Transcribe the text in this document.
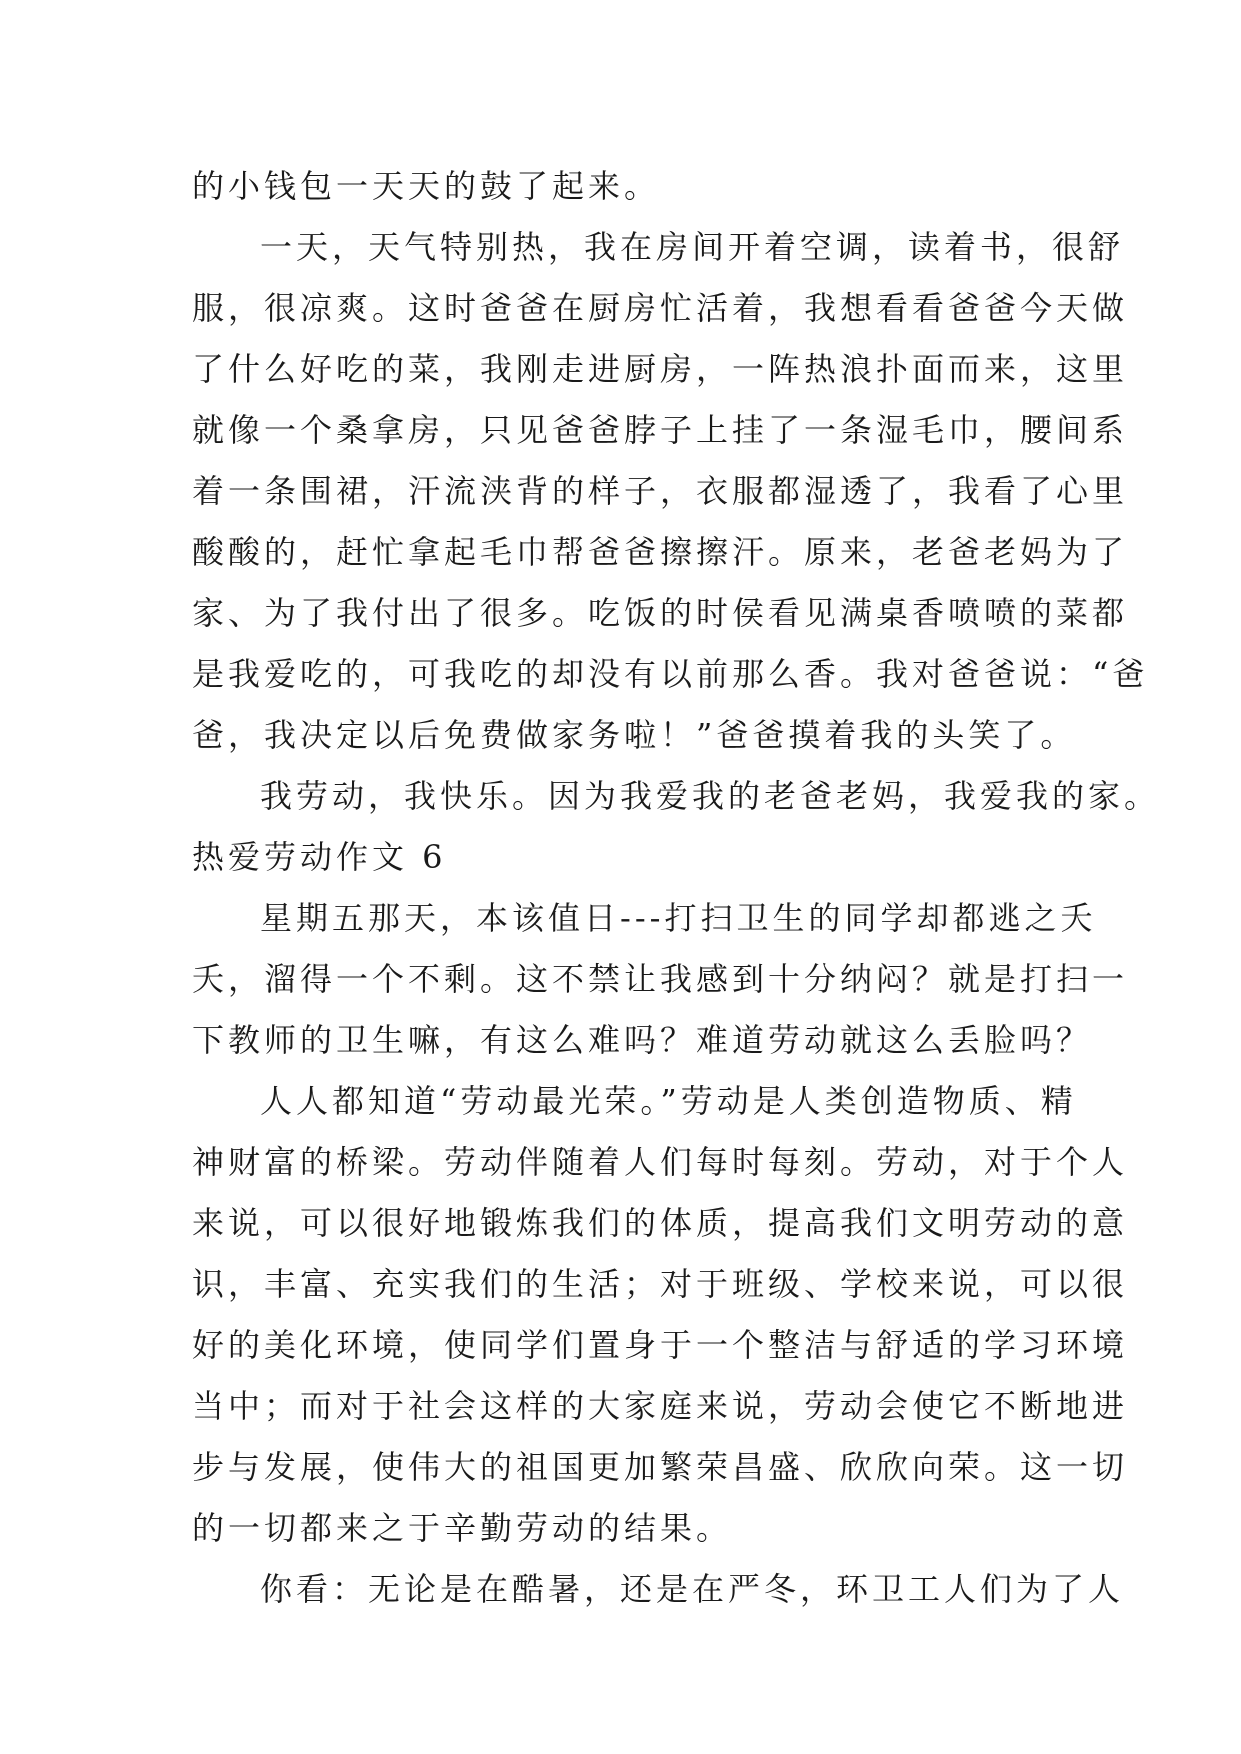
的小钱包一天天的鼓了起来。
一天，天气特别热，我在房间开着空调，读着书，很舒
服，很凉爽。这时爸爸在厨房忙活着，我想看看爸爸今天做
了什么好吃的菜，我刚走进厨房，一阵热浪扑面而来，这里
就像一个桑拿房，只见爸爸脖子上挂了一条湿毛巾，腰间系
着一条围裙，汗流浃背的样子，衣服都湿透了，我看了心里
酸酸的，赶忙拿起毛巾帮爸爸擦擦汗。原来，老爸老妈为了
家、为了我付出了很多。吃饭的时侯看见满桌香喷喷的菜都
是我爱吃的，可我吃的却没有以前那么香。我对爸爸说：“爸
爸，我决定以后免费做家务啦！”爸爸摸着我的头笑了。
我劳动，我快乐。因为我爱我的老爸老妈，我爱我的家。
热爱劳动作文 6
星期五那天，本该值日---打扫卫生的同学却都逃之夭
夭，溜得一个不剩。这不禁让我感到十分纳闷？就是打扫一
下教师的卫生嘛，有这么难吗？难道劳动就这么丢脸吗？
人人都知道“劳动最光荣。”劳动是人类创造物质、精
神财富的桥梁。劳动伴随着人们每时每刻。劳动，对于个人
来说，可以很好地锻炼我们的体质，提高我们文明劳动的意
识，丰富、充实我们的生活；对于班级、学校来说，可以很
好的美化环境，使同学们置身于一个整洁与舒适的学习环境
当中；而对于社会这样的大家庭来说，劳动会使它不断地进
步与发展，使伟大的祖国更加繁荣昌盛、欣欣向荣。这一切
的一切都来之于辛勤劳动的结果。
你看：无论是在酷暑，还是在严冬，环卫工人们为了人
